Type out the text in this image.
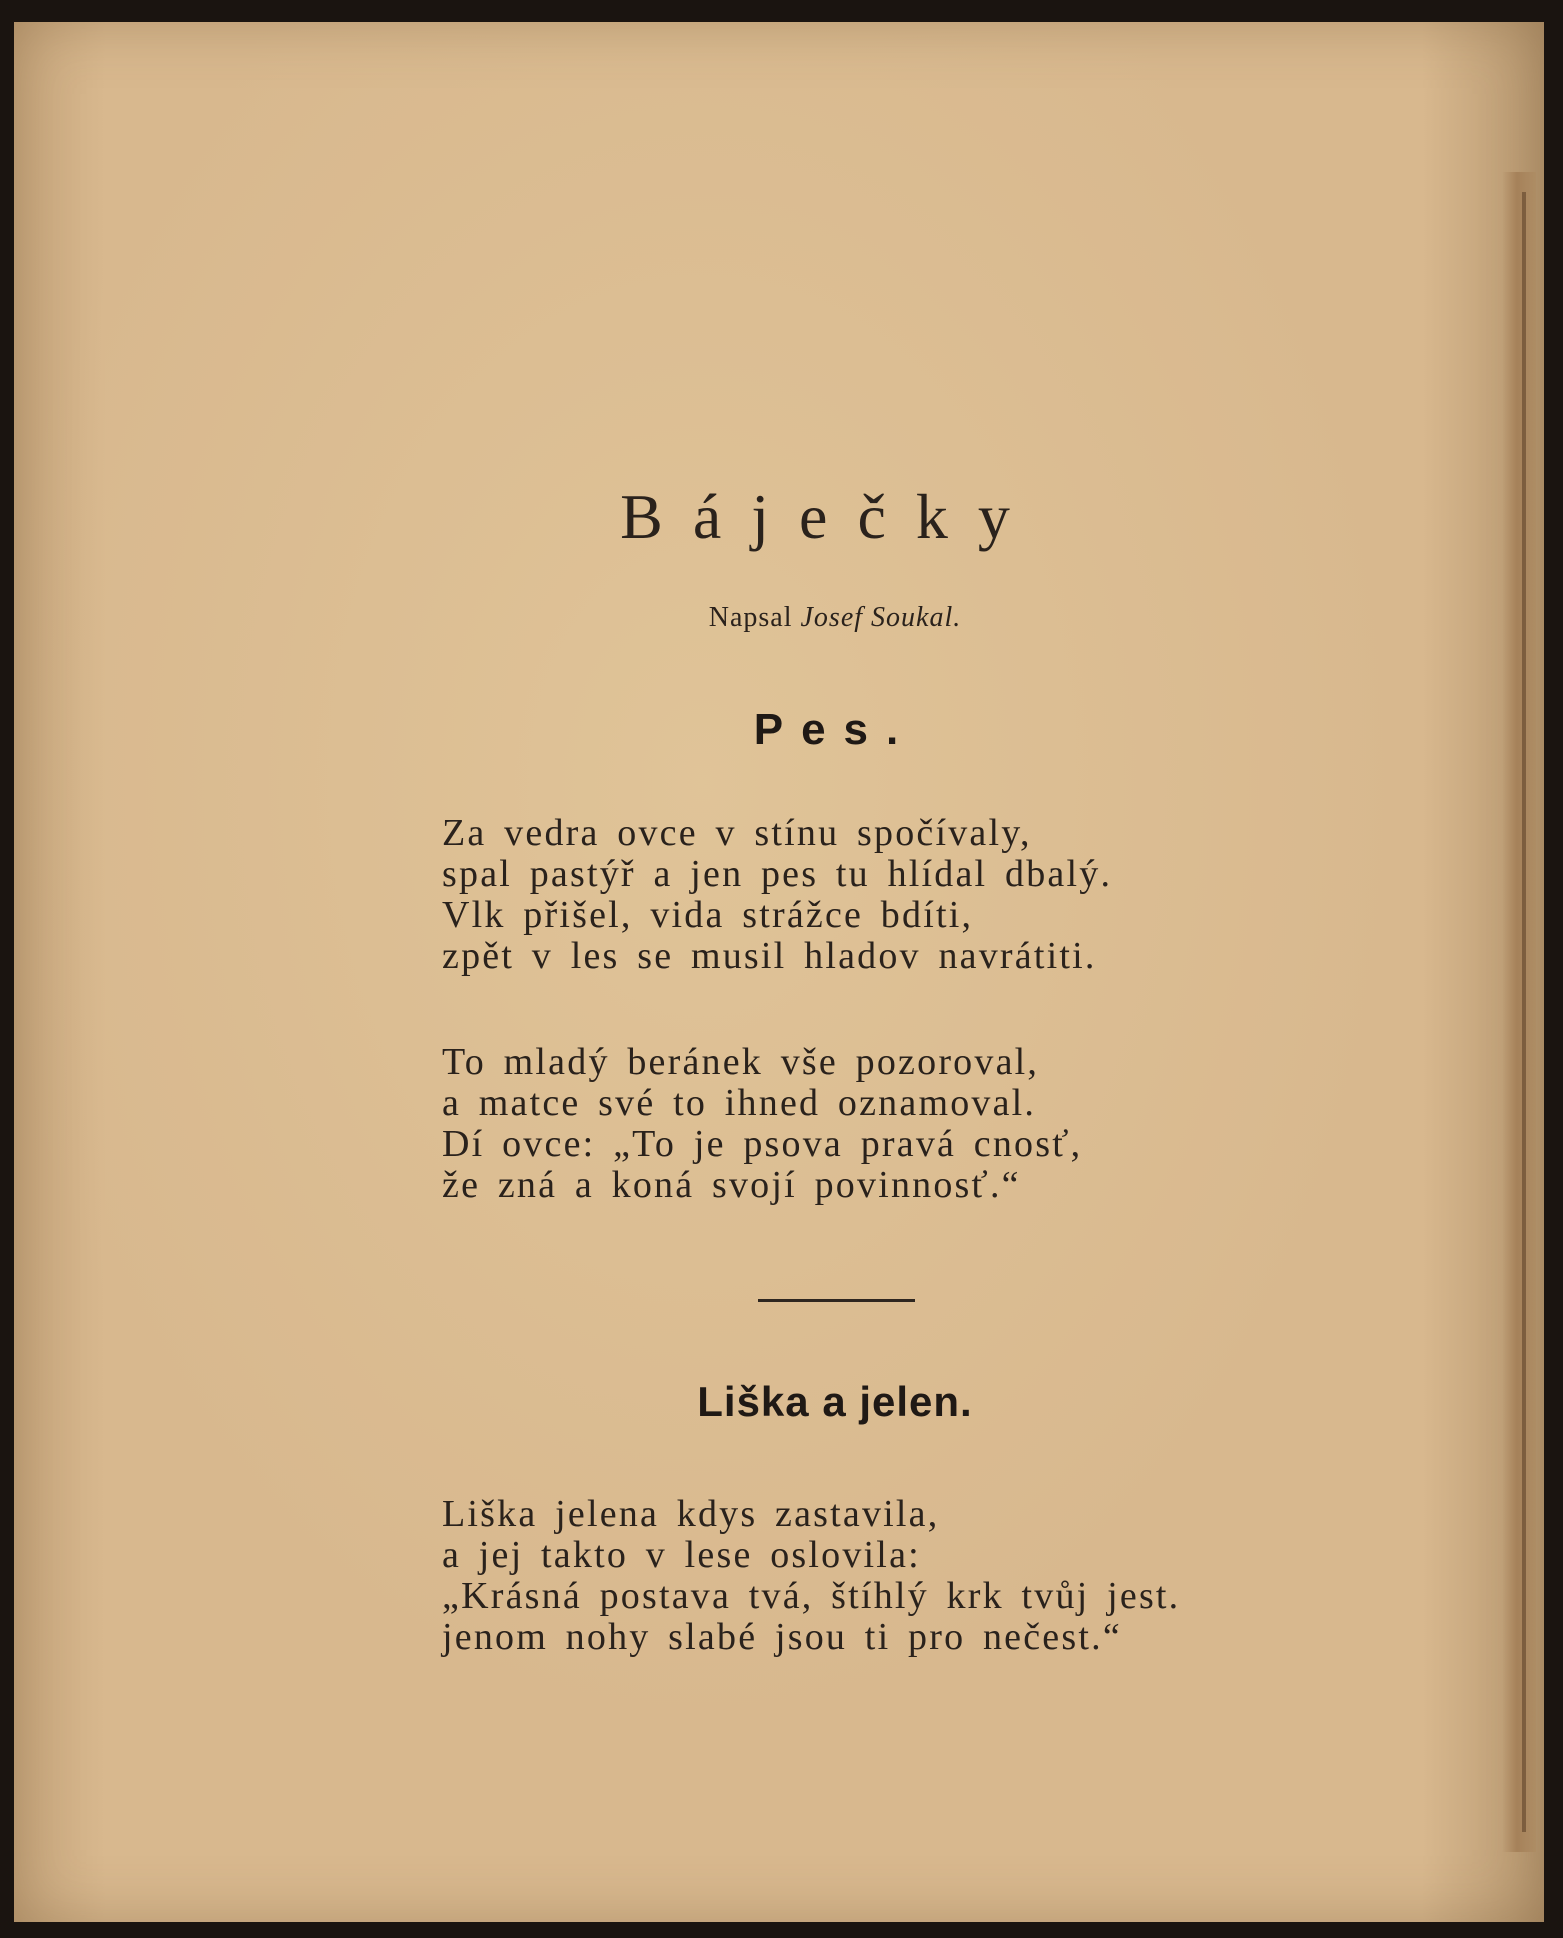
Báječky
Napsal Josef Soukal.
Pes.
Za vedra ovce v stínu spočívaly,
spal pastýř a jen pes tu hlídal dbalý.
Vlk přišel, vida strážce bdíti,
zpět v les se musil hladov navrátiti.
To mladý beránek vše pozoroval,
a matce své to ihned oznamoval.
Dí ovce: „To je psova pravá cnosť,
že zná a koná svojí povinnosť.“
Liška a jelen.
Liška jelena kdys zastavila,
a jej takto v lese oslovila:
„Krásná postava tvá, štíhlý krk tvůj jest.
jenom nohy slabé jsou ti pro nečest.“
